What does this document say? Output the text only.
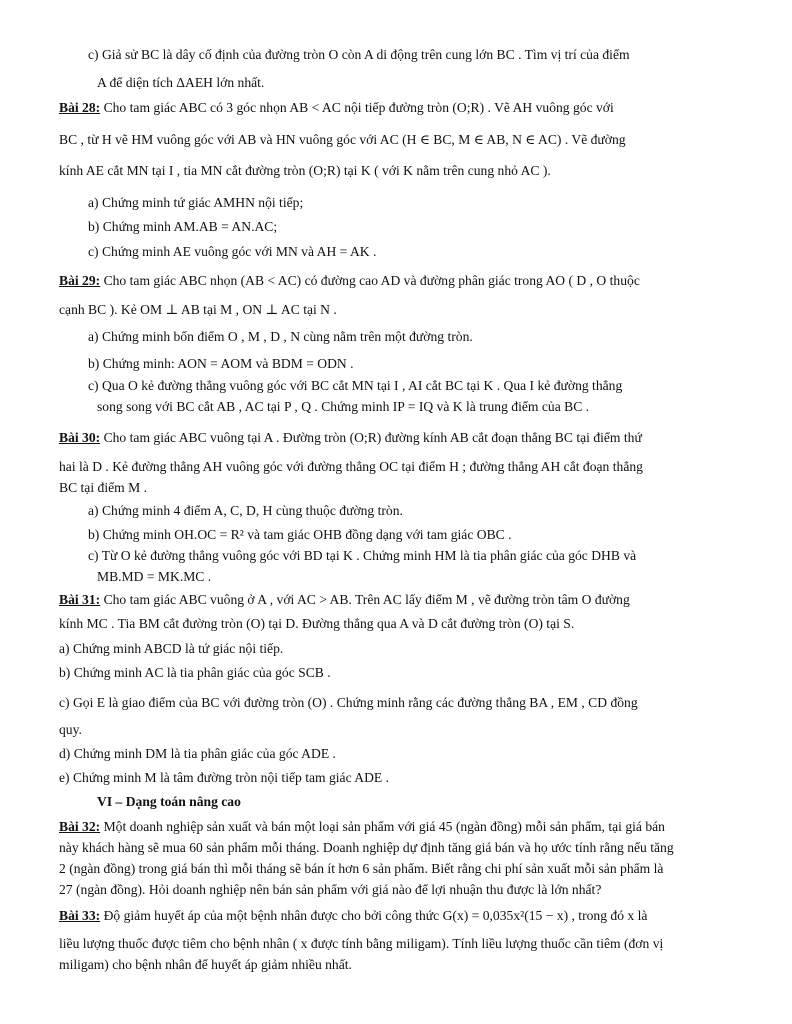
c) Giả sử BC là dây cố định của đường tròn O còn A di động trên cung lớn BC . Tìm vị trí của điểm
A để diện tích ΔAEH lớn nhất.
Bài 28: Cho tam giác ABC có 3 góc nhọn AB < AC nội tiếp đường tròn (O;R) . Vẽ AH vuông góc với
BC , từ H vẽ HM vuông góc với AB và HN vuông góc với AC (H ∈ BC, M ∈ AB, N ∈ AC) . Vẽ đường
kính AE cắt MN tại I , tia MN cắt đường tròn (O;R) tại K ( với K nằm trên cung nhỏ AC ).
a) Chứng minh tứ giác AMHN nội tiếp;
b) Chứng minh AM.AB = AN.AC;
c) Chứng minh AE vuông góc với MN và AH = AK .
Bài 29: Cho tam giác ABC nhọn (AB < AC) có đường cao AD và đường phân giác trong AO ( D , O thuộc
cạnh BC ). Kẻ OM ⊥ AB tại M , ON ⊥ AC tại N .
a) Chứng minh bốn điểm O , M , D , N cùng nằm trên một đường tròn.
b) Chứng minh: AON = AOM và BDM = ODN .
c) Qua O kẻ đường thẳng vuông góc với BC cắt MN tại I , AI cắt BC tại K . Qua I kẻ đường thẳng
song song với BC cắt AB , AC tại P , Q . Chứng minh IP = IQ và K là trung điểm của BC .
Bài 30: Cho tam giác ABC vuông tại A . Đường tròn (O;R) đường kính AB cắt đoạn thẳng BC tại điểm thứ
hai là D . Kẻ đường thẳng AH vuông góc với đường thẳng OC tại điểm H ; đường thẳng AH cắt đoạn thẳng
BC tại điểm M .
a) Chứng minh 4 điểm A, C, D, H cùng thuộc đường tròn.
b) Chứng minh OH.OC = R² và tam giác OHB đồng dạng với tam giác OBC .
c) Từ O kẻ đường thẳng vuông góc với BD tại K . Chứng minh HM là tia phân giác của góc DHB và
MB.MD = MK.MC .
Bài 31: Cho tam giác ABC vuông ở A , với AC > AB. Trên AC lấy điểm M , vẽ đường tròn tâm O đường
kính MC . Tia BM cắt đường tròn (O) tại D. Đường thẳng qua A và D cắt đường tròn (O) tại S.
a) Chứng minh ABCD là tứ giác nội tiếp.
b) Chứng minh AC là tia phân giác của góc SCB .
c) Gọi E là giao điểm của BC với đường tròn (O) . Chứng minh rằng các đường thẳng BA , EM , CD đồng
quy.
d) Chứng minh DM là tia phân giác của góc ADE .
e) Chứng minh M là tâm đường tròn nội tiếp tam giác ADE .
VI – Dạng toán nâng cao
Bài 32: Một doanh nghiệp sản xuất và bán một loại sản phẩm với giá 45 (ngàn đồng) mỗi sản phẩm, tại giá bán
này khách hàng sẽ mua 60 sản phẩm mỗi tháng. Doanh nghiệp dự định tăng giá bán và họ ước tính rằng nếu tăng
2 (ngàn đồng) trong giá bán thì mỗi tháng sẽ bán ít hơn 6 sản phẩm. Biết rằng chi phí sản xuất mỗi sản phẩm là
27 (ngàn đồng). Hỏi doanh nghiệp nên bán sản phẩm với giá nào để lợi nhuận thu được là lớn nhất?
Bài 33: Độ giảm huyết áp của một bệnh nhân được cho bởi công thức G(x) = 0,035x²(15 − x) , trong đó x là
liều lượng thuốc được tiêm cho bệnh nhân ( x được tính bằng miligam). Tính liều lượng thuốc cần tiêm (đơn vị
miligam) cho bệnh nhân để huyết áp giảm nhiều nhất.
